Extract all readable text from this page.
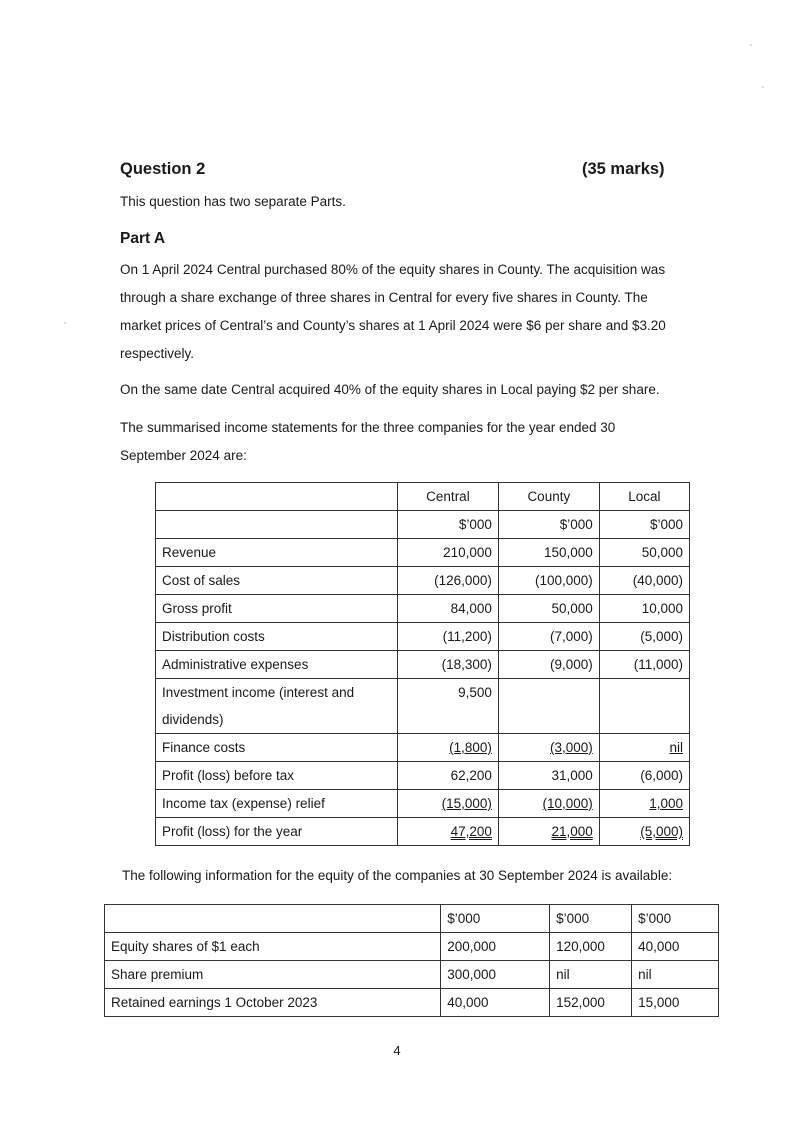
Question 2	(35 marks)
This question has two separate Parts.
Part A
On 1 April 2024 Central purchased 80% of the equity shares in County. The acquisition was
through a share exchange of three shares in Central for every five shares in County. The
market prices of Central’s and County’s shares at 1 April 2024 were $6 per share and $3.20
respectively.
On the same date Central acquired 40% of the equity shares in Local paying $2 per share.
The summarised income statements for the three companies for the year ended 30
September 2024 are:
	Central	County	Local
	$’000	$’000	$’000
Revenue	210,000	150,000	50,000
Cost of sales	(126,000)	(100,000)	(40,000)
Gross profit	84,000	50,000	10,000
Distribution costs	(11,200)	(7,000)	(5,000)
Administrative expenses	(18,300)	(9,000)	(11,000)

Investment income (interest and
dividends)	9,500		
Finance costs	(1,800)	(3,000)	nil
Profit (loss) before tax	62,200	31,000	(6,000)
Income tax (expense) relief	(15,000)	(10,000)	1,000
Profit (loss) for the year	47,200	21,000	(5,000)
The following information for the equity of the companies at 30 September 2024 is available:
	$’000	$’000	$’000
Equity shares of $1 each	200,000	120,000	40,000
Share premium	300,000	nil	nil
Retained earnings 1 October 2023	40,000	152,000	15,000
4
